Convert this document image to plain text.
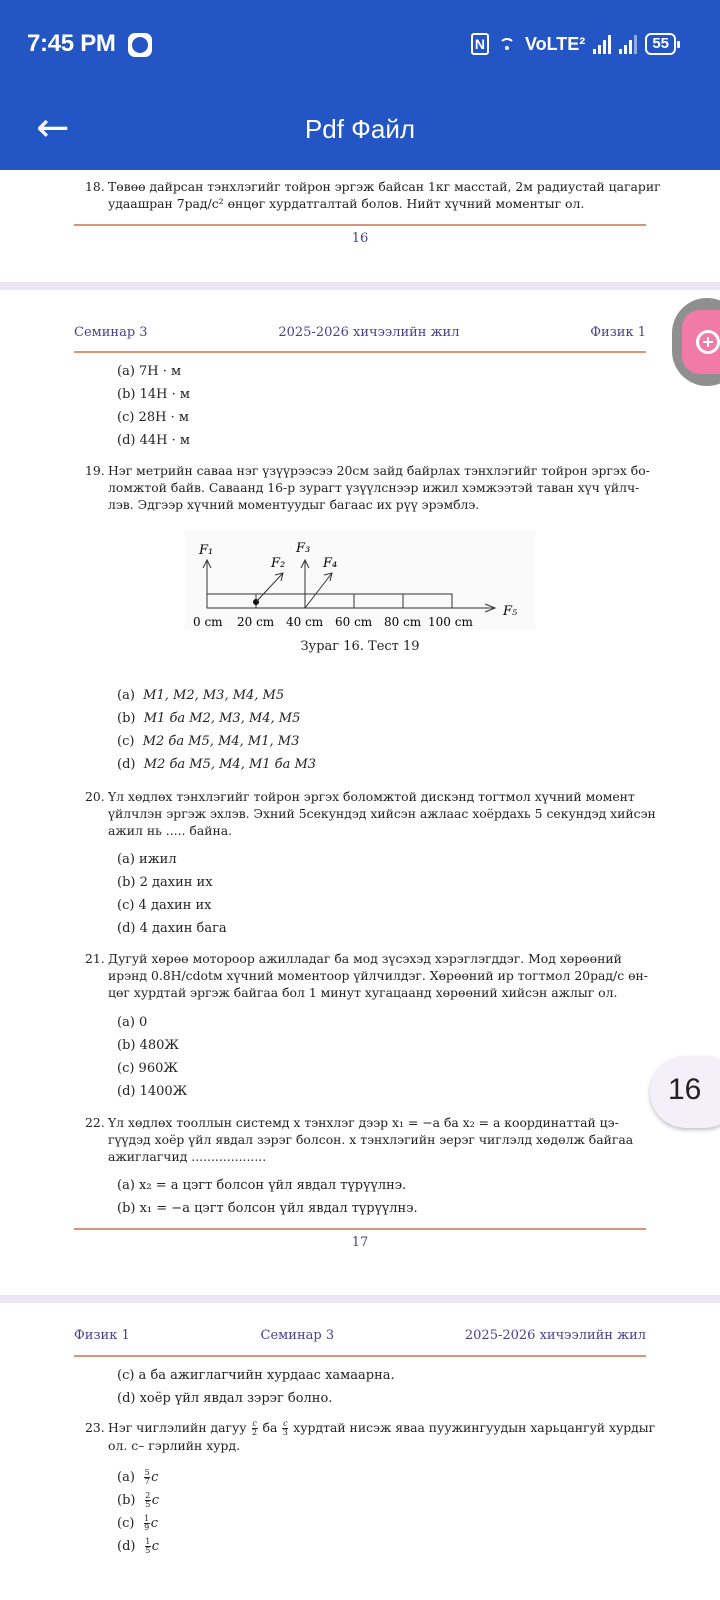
7:45 PM	N VoLTE²	55
←	Pdf Файл
18. Төвөө дайрсан тэнхлэгийг тойрон эргэж байсан 1кг масстай, 2м радиустай цагариг
удаашран 7рад/с² өнцөг хурдатгалтай болов. Нийт хүчний моментыг ол.
16
Семинар 3	2025-2026 хичээлийн жил	Физик 1
(a) 7Н · м
(b) 14Н · м
(c) 28Н · м
(d) 44Н · м
19. Нэг метрийн саваа нэг үзүүрээсээ 20см зайд байрлах тэнхлэгийг тойрон эргэх бо-
ломжтой байв. Саваанд 16-р зурагт үзүүлснээр ижил хэмжээтэй таван хүч үйлч-
лэв. Эдгээр хүчний моментуудыг багаас их рүү эрэмблэ.
F₁
F₂
F₃
F₄
F₅
0 cm 20 cm 40 cm 60 cm 80 cm 100 cm
Зураг 16. Тест 19
(a) M1, M2, M3, M4, M5
(b) M1 ба M2, M3, M4, M5
(c) M2 ба M5, M4, M1, M3
(d) M2 ба M5, M4, M1 ба M3
20. Үл хөдлөх тэнхлэгийг тойрон эргэх боломжтой дискэнд тогтмол хүчний момент
үйлчлэн эргэж эхлэв. Эхний 5секундэд хийсэн ажлаас хоёрдахь 5 секундэд хийсэн
ажил нь ..... байна.
(a) ижил
(b) 2 дахин их
(c) 4 дахин их
(d) 4 дахин бага
21. Дугуй хөрөө мотороор ажилладаг ба мод зүсэхэд хэрэглэгддэг. Мод хөрөөний
ирэнд 0.8Н/cdotм хүчний моментоор үйлчилдэг. Хөрөөний ир тогтмол 20рад/с өн-
цөг хурдтай эргэж байгаа бол 1 минут хугацаанд хөрөөний хийсэн ажлыг ол.
(a) 0
(b) 480Ж
(c) 960Ж
(d) 1400Ж
22. Үл хөдлөх тооллын системд x тэнхлэг дээр x₁ = −a ба x₂ = a координаттай цэ-
гүүдэд хоёр үйл явдал зэрэг болсон. x тэнхлэгийн эерэг чиглэлд хөдөлж байгаа
ажиглагчид ...................
(a) x₂ = a цэгт болсон үйл явдал түрүүлнэ.
(b) x₁ = −a цэгт болсон үйл явдал түрүүлнэ.
17
Физик 1	Семинар 3	2025-2026 хичээлийн жил
(c) a ба ажиглагчийн хурдаас хамаарна.
(d) хоёр үйл явдал зэрэг болно.
23. Нэг чиглэлийн дагуу $\frac{c}{2}$ ба $\frac{c}{3}$ хурдтай нисэж яваа пуужингуудын харьцангуй хурдыг
ол. c– гэрлийн хурд.
$(a) \frac{5}{7}$ c
$(b) \frac{2}{5}$ c
$(c) \frac{1}{9}$ c
$(d) \frac{1}{5}$ c
16
